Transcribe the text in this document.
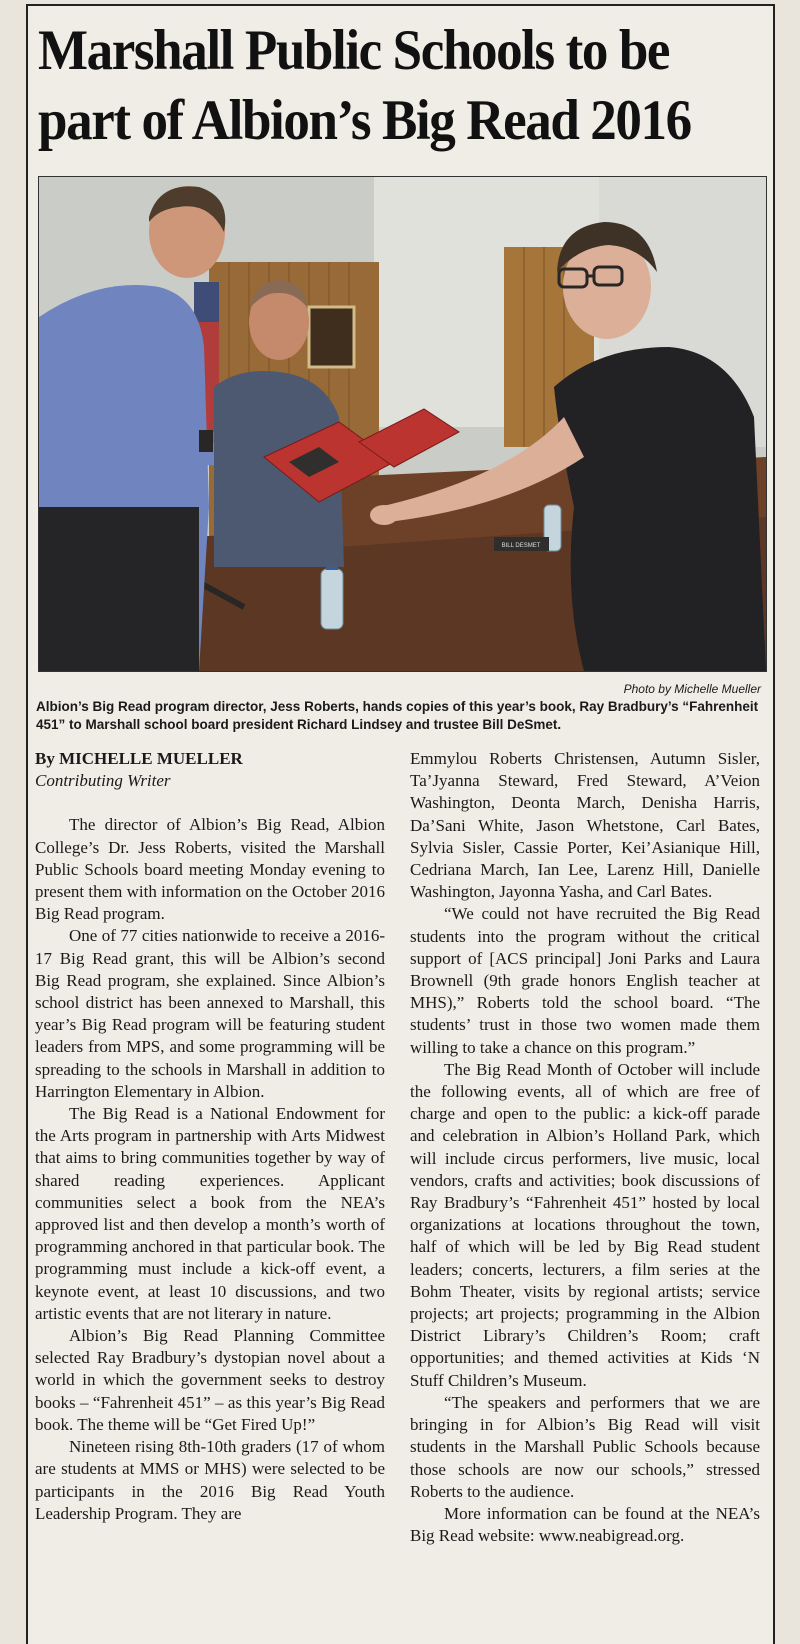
Marshall Public Schools to be part of Albion’s Big Read 2016
BILL DESMET
Photo by Michelle Mueller
Albion’s Big Read program director, Jess Roberts, hands copies of this year’s book, Ray Bradbury’s “Fahrenheit 451” to Marshall school board president Richard Lindsey and trustee Bill DeSmet.
By MICHELLE MUELLER
Contributing Writer

The director of Albion’s Big Read, Albion College’s Dr. Jess Roberts, visited the Marshall Public Schools board meeting Monday evening to present them with information on the October 2016 Big Read program.

One of 77 cities nationwide to receive a 2016-17 Big Read grant, this will be Albion’s second Big Read program, she explained. Since Albion’s school district has been annexed to Marshall, this year’s Big Read program will be featuring student leaders from MPS, and some programming will be spreading to the schools in Marshall in addition to Harrington Elementary in Albion.

The Big Read is a National Endowment for the Arts program in partnership with Arts Midwest that aims to bring communities together by way of shared reading experiences. Applicant communities select a book from the NEA’s approved list and then develop a month’s worth of programming anchored in that particular book. The programming must include a kick-off event, a keynote event, at least 10 discussions, and two artistic events that are not literary in nature.

Albion’s Big Read Planning Committee selected Ray Bradbury’s dystopian novel about a world in which the government seeks to destroy books – “Fahrenheit 451” – as this year’s Big Read book. The theme will be “Get Fired Up!”

Nineteen rising 8th-10th graders (17 of whom are students at MMS or MHS) were selected to be participants in the 2016 Big Read Youth Leadership Program. They are

Emmylou Roberts Christensen, Autumn Sisler, Ta’Jyanna Steward, Fred Steward, A’Veion Washington, Deonta March, Denisha Harris, Da’Sani White, Jason Whetstone, Carl Bates, Sylvia Sisler, Cassie Porter, Kei’Asianique Hill, Cedriana March, Ian Lee, Larenz Hill, Danielle Washington, Jayonna Yasha, and Carl Bates.

“We could not have recruited the Big Read students into the program without the critical support of [ACS principal] Joni Parks and Laura Brownell (9th grade honors English teacher at MHS),” Roberts told the school board. “The students’ trust in those two women made them willing to take a chance on this program.”

The Big Read Month of October will include the following events, all of which are free of charge and open to the public: a kick-off parade and celebration in Albion’s Holland Park, which will include circus performers, live music, local vendors, crafts and activities; book discussions of Ray Bradbury’s “Fahrenheit 451” hosted by local organizations at locations throughout the town, half of which will be led by Big Read student leaders; concerts, lecturers, a film series at the Bohm Theater, visits by regional artists; service projects; art projects; programming in the Albion District Library’s Children’s Room; craft opportunities; and themed activities at Kids ‘N Stuff Children’s Museum.

“The speakers and performers that we are bringing in for Albion’s Big Read will visit students in the Marshall Public Schools because those schools are now our schools,” stressed Roberts to the audience.

More information can be found at the NEA’s Big Read website: www.neabigread.org.
